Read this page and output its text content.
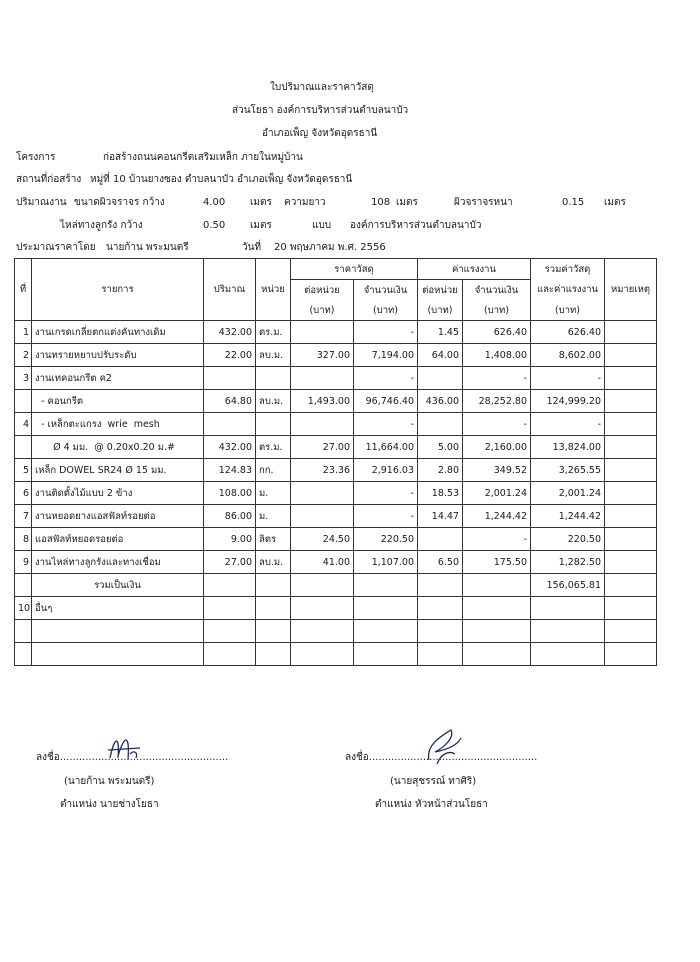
ใบปริมาณและราคาวัสดุ
ส่วนโยธา องค์การบริหารส่วนตำบลนาบัว
อำเภอเพ็ญ จังหวัดอุดรธานี
โครงการ	ก่อสร้างถนนคอนกรีตเสริมเหล็ก ภายในหมู่บ้าน
สถานที่ก่อสร้าง หมู่ที่ 10 บ้านยางซอง ตำบลนาบัว อำเภอเพ็ญ จังหวัดอุดรธานี
ปริมาณงาน ขนาดผิวจราจร กว้าง	4.00 เมตร ความยาว	108 เมตร	ผิวจราจรหนา	0.15 เมตร
ไหล่ทางลูกรัง กว้าง	0.50 เมตร	แบบ องค์การบริหารส่วนตำบลนาบัว
ประมาณราคาโดย นายก้าน พระมนตรี	วันที่ 20 พฤษภาคม พ.ศ. 2556
ที่	รายการ	ปริมาณ	หน่วย	ราคาวัสดุ		ค่าแรงงาน		รวมค่าวัสดุ	หมายเหตุ
				ต่อหน่วย	จำนวนเงิน	ต่อหน่วย	จำนวนเงิน	และค่าแรงงาน	
				(บาท)	(บาท)	(บาท)	(บาท)	(บาท)	
1	งานเกรดเกลี่ยตกแต่งคันทางเดิม	432.00	ตร.ม.		-	1.45	626.40	626.40	
2	งานทรายหยาบปรับระดับ	22.00	ลบ.ม.	327.00	7,194.00	64.00	1,408.00	8,602.00	
3	งานเทคอนกรีต ค2				-		-	-	
	- คอนกรีต	64.80	ลบ.ม.	1,493.00	96,746.40	436.00	28,252.80	124,999.20	
4	- เหล็กตะแกรง  wrie  mesh				-		-	-	
	Ø 4 มม.  @ 0.20x0.20 ม.#	432.00	ตร.ม.	27.00	11,664.00	5.00	2,160.00	13,824.00	
5	เหล็ก DOWEL SR24 Ø 15 มม.	124.83	กก.	23.36	2,916.03	2.80	349.52	3,265.55	
6	งานติดตั้งไม้แบบ 2 ข้าง	108.00	ม.		-	18.53	2,001.24	2,001.24	
7	งานหยอดยางแอสฟัลท์รอยต่อ	86.00	ม.		-	14.47	1,244.42	1,244.42	
8	แอสฟัลท์หยอดรอยต่อ	9.00	ลิตร	24.50	220.50		-	220.50	
9	งานไหล่ทางลูกรังและทางเชื่อม	27.00	ลบ.ม.	41.00	1,107.00	6.50	175.50	1,282.50	
	รวมเป็นเงิน							156,065.81	
10	อื่นๆ								

ลงชื่อ.....................................................
(นายก้าน พระมนตรี)
ตำแหน่ง นายช่างโยธา
ลงชื่อ.....................................................
(นายสุชรรณ์ ทาศิริ)
ตำแหน่ง หัวหน้าส่วนโยธา
